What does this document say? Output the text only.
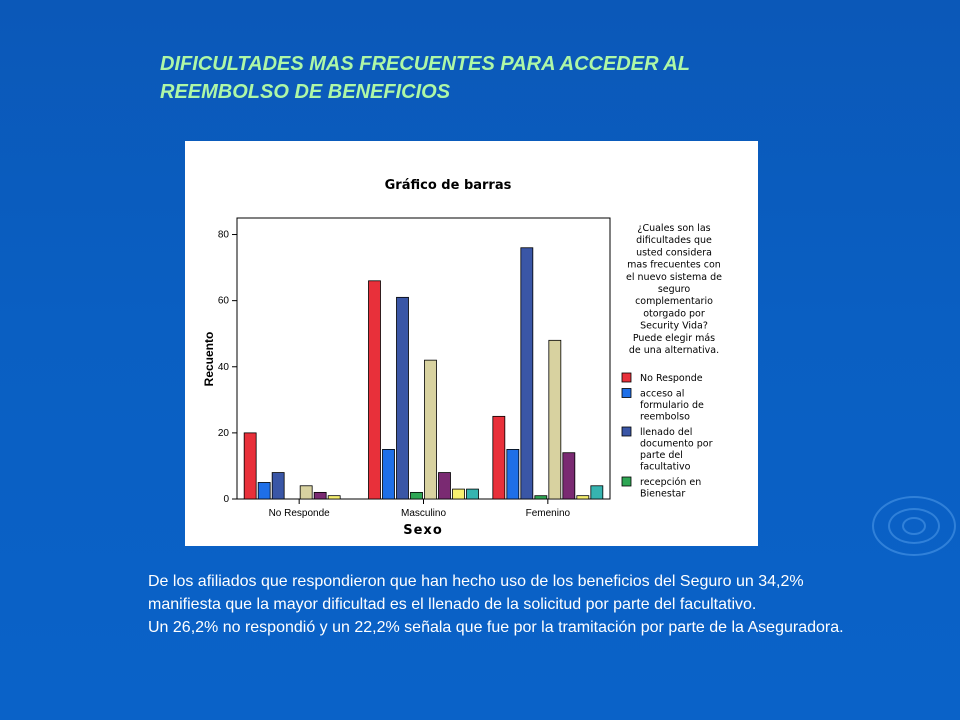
DIFICULTADES MAS FRECUENTES PARA ACCEDER AL
REEMBOLSO DE BENEFICIOS
0
20
40
60
80
No Responde	Masculino	Femenino
Gráfico de barras
Sexo
Recuento
¿Cuales son las
dificultades que
usted considera
mas frecuentes con
el nuevo sistema de
seguro
complementario
otorgado por
Security Vida?
Puede elegir más
de una alternativa.
No Responde
acceso al
formulario de
reembolso
llenado del
documento por
parte del
facultativo
recepción en
Bienestar

De los afiliados que respondieron que han hecho uso de los beneficios del Seguro un 34,2% manifiesta que la mayor dificultad es el llenado de la solicitud por parte del facultativo.

Un 26,2% no respondió y un 22,2% señala que fue por la tramitación por parte de la Aseguradora.
